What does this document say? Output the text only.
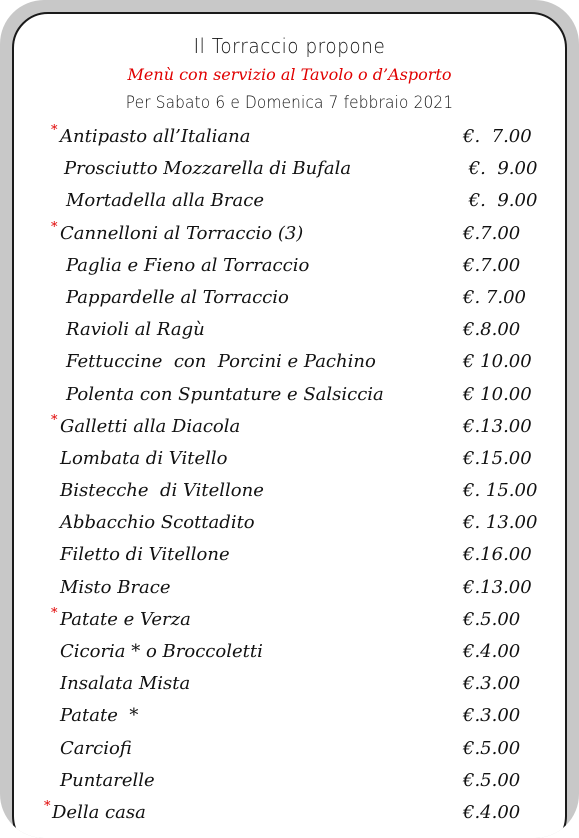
Il Torraccio propone
Menù con servizio al Tavolo o d’Asporto
Per Sabato 6 e Domenica 7 febbraio 2021
* Antipasto all’Italiana	€.  7.00
Prosciutto Mozzarella di Bufala	€.  9.00
Mortadella alla Brace	€.  9.00
* Cannelloni al Torraccio (3)	€.7.00
Paglia e Fieno al Torraccio	€.7.00
Pappardelle al Torraccio	€. 7.00
Ravioli al Ragù	€.8.00
Fettuccine  con  Porcini e Pachino	€ 10.00
Polenta con Spuntature e Salsiccia	€ 10.00
* Galletti alla Diacola	€.13.00
Lombata di Vitello	€.15.00
Bistecche  di Vitellone	€. 15.00
Abbacchio Scottadito	€. 13.00
Filetto di Vitellone	€.16.00
Misto Brace	€.13.00
* Patate e Verza	€.5.00
Cicoria * o Broccoletti	€.4.00
Insalata Mista	€.3.00
Patate  *	€.3.00
Carciofi	€.5.00
Puntarelle	€.5.00
* Della casa	€.4.00
